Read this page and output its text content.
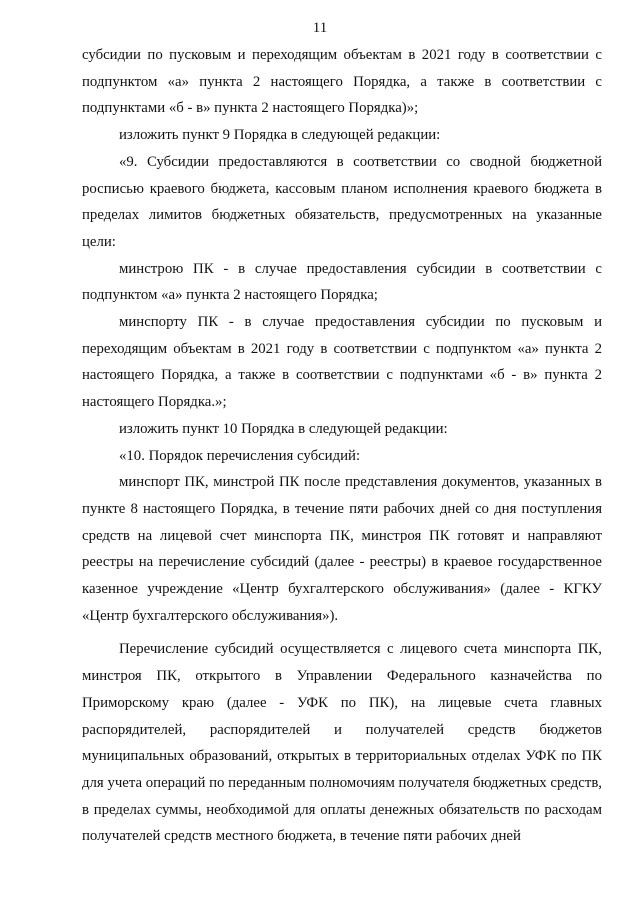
11

субсидии по пусковым и переходящим объектам в 2021 году в соответствии с подпунктом «а» пункта 2 настоящего Порядка, а также в соответствии с подпунктами «б - в» пункта 2 настоящего Порядка)»;

изложить пункт 9 Порядка в следующей редакции:

«9. Субсидии предоставляются в соответствии со сводной бюджетной росписью краевого бюджета, кассовым планом исполнения краевого бюджета в пределах лимитов бюджетных обязательств, предусмотренных на указанные цели:

минстрою ПК - в случае предоставления субсидии в соответствии с подпунктом «а» пункта 2 настоящего Порядка;

минспорту ПК - в случае предоставления субсидии по пусковым и переходящим объектам в 2021 году в соответствии с подпунктом «а» пункта 2 настоящего Порядка, а также в соответствии с подпунктами «б - в» пункта 2 настоящего Порядка.»;

изложить пункт 10 Порядка в следующей редакции:

«10. Порядок перечисления субсидий:

минспорт ПК, минстрой ПК после представления документов, указанных в пункте 8 настоящего Порядка, в течение пяти рабочих дней со дня поступления средств на лицевой счет минспорта ПК, минстроя ПК готовят и направляют реестры на перечисление субсидий (далее - реестры) в краевое государственное казенное учреждение «Центр бухгалтерского обслуживания» (далее - КГКУ «Центр бухгалтерского обслуживания»).

Перечисление субсидий осуществляется с лицевого счета минспорта ПК, минстроя ПК, открытого в Управлении Федерального казначейства по Приморскому краю (далее - УФК по ПК), на лицевые счета главных распорядителей, распорядителей и получателей средств бюджетов муниципальных образований, открытых в территориальных отделах УФК по ПК для учета операций по переданным полномочиям получателя бюджетных средств, в пределах суммы, необходимой для оплаты денежных обязательств по расходам получателей средств местного бюджета, в течение пяти рабочих дней
